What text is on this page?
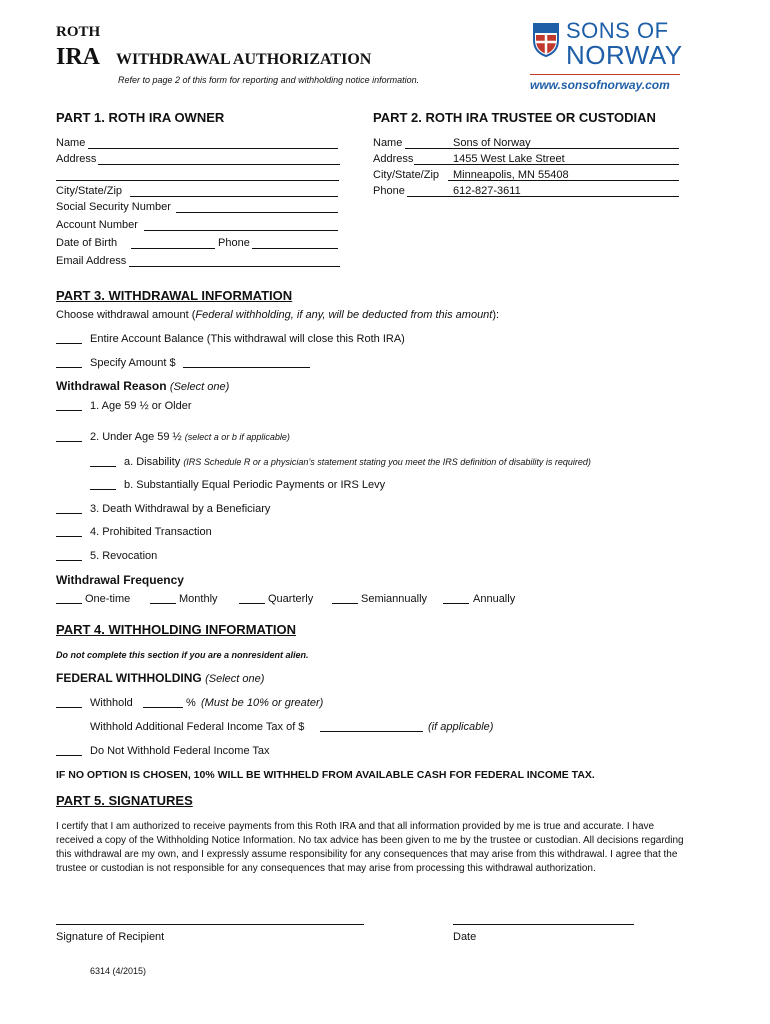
ROTH
IRA WITHDRAWAL AUTHORIZATION
Refer to page 2 of this form for reporting and withholding notice information.
SONS OF
NORWAY
www.sonsofnorway.com
PART 1. ROTH IRA OWNER
Name
Address
City/State/Zip
Social Security Number
Account Number
Date of Birth	Phone
Email Address
PART 2. ROTH IRA TRUSTEE OR CUSTODIAN
Name	Sons of Norway
Address	1455 West Lake Street
City/State/Zip Minneapolis, MN 55408
Phone	612-827-3611
PART 3. WITHDRAWAL INFORMATION
Choose withdrawal amount (Federal withholding, if any, will be deducted from this amount):
Entire Account Balance (This withdrawal will close this Roth IRA)
Specify Amount $
Withdrawal Reason (Select one)
1. Age 59 ½ or Older
2. Under Age 59 ½ (select a or b if applicable)
a. Disability (IRS Schedule R or a physician’s statement stating you meet the IRS definition of disability is required)
b. Substantially Equal Periodic Payments or IRS Levy
3. Death Withdrawal by a Beneficiary
4. Prohibited Transaction
5. Revocation
Withdrawal Frequency
One-time	Monthly	Quarterly	Semiannually	Annually
PART 4. WITHHOLDING INFORMATION
Do not complete this section if you are a nonresident alien.
FEDERAL WITHHOLDING (Select one)
Withhold	% (Must be 10% or greater)
Withhold Additional Federal Income Tax of $	(if applicable)
Do Not Withhold Federal Income Tax
IF NO OPTION IS CHOSEN, 10% WILL BE WITHHELD FROM AVAILABLE CASH FOR FEDERAL INCOME TAX.
PART 5. SIGNATURES
I certify that I am authorized to receive payments from this Roth IRA and that all information provided by me is true and accurate. I have
received a copy of the Withholding Notice Information. No tax advice has been given to me by the trustee or custodian. All decisions regarding
this withdrawal are my own, and I expressly assume responsibility for any consequences that may arise from this withdrawal. I agree that the
trustee or custodian is not responsible for any consequences that may arise from processing this withdrawal authorization.
Signature of Recipient	Date
6314 (4/2015)
